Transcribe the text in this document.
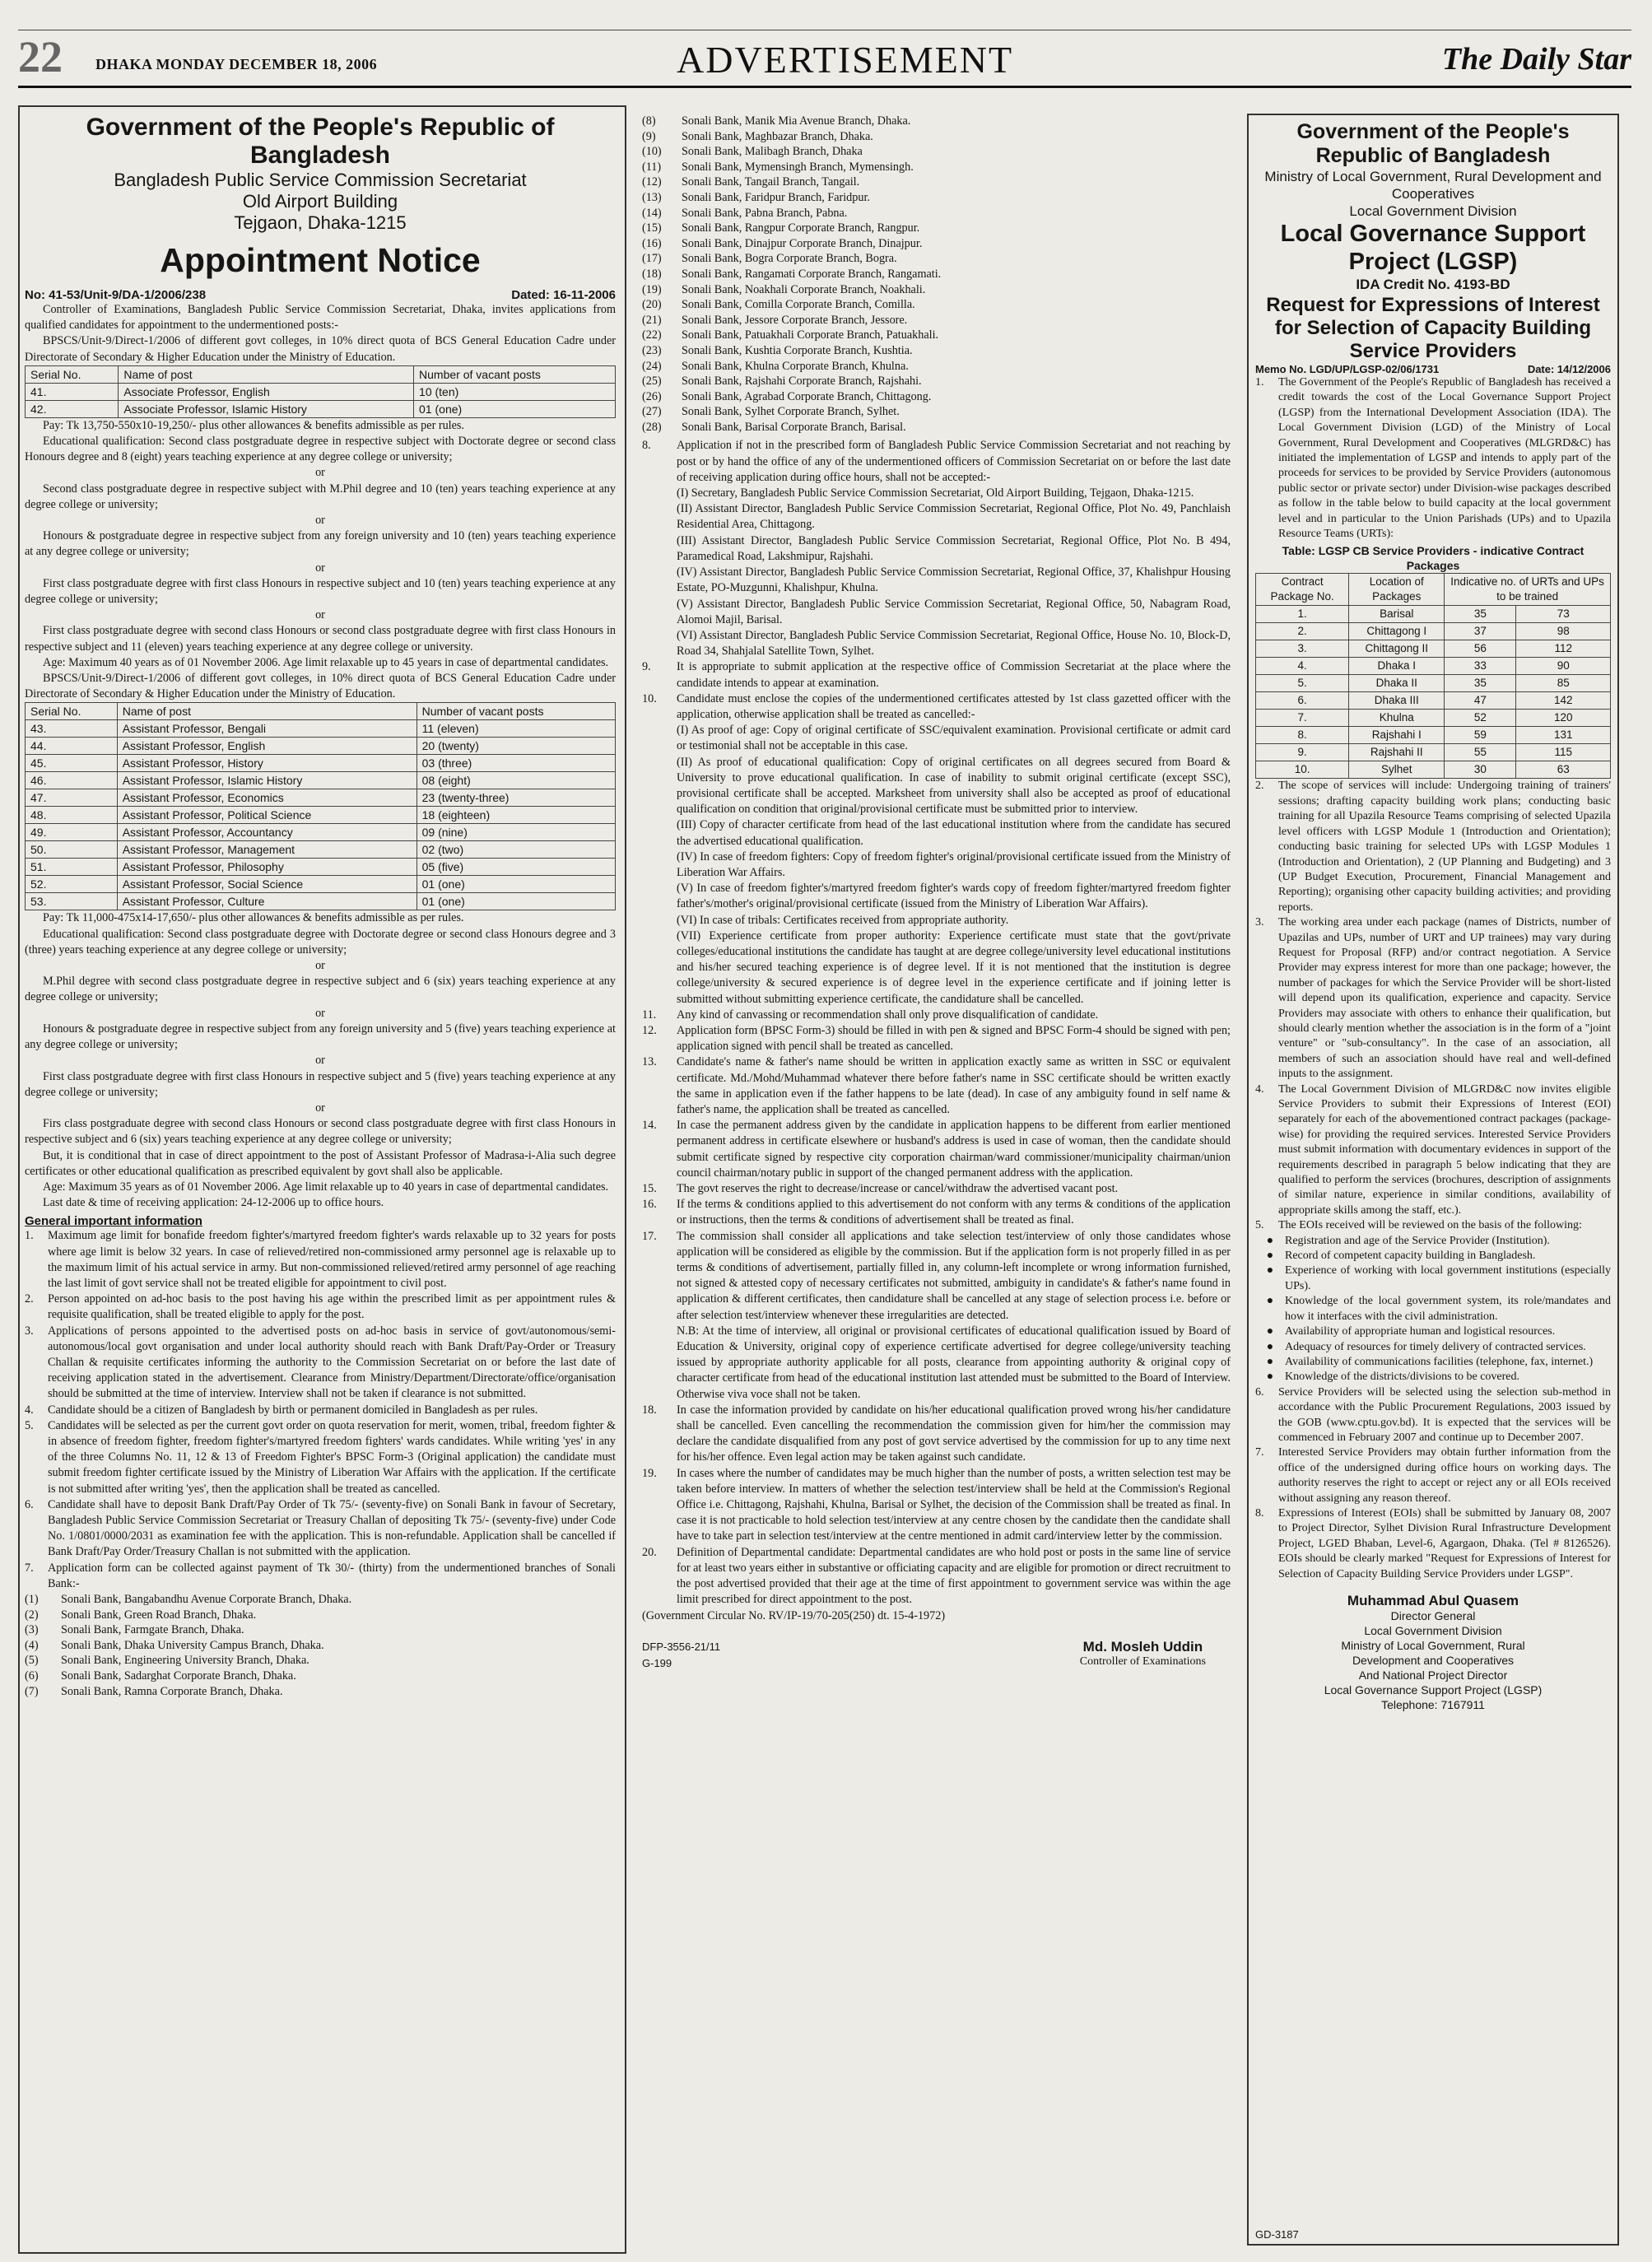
22 DHAKA MONDAY DECEMBER 18, 2006	ADVERTISEMENT	The Daily Star
Government of the People's Republic of Bangladesh
Bangladesh Public Service Commission Secretariat
Old Airport Building
Tejgaon, Dhaka-1215
Appointment Notice
No: 41-53/Unit-9/DA-1/2006/238	Dated: 16-11-2006

Controller of Examinations, Bangladesh Public Service Commission Secretariat, Dhaka, invites applications from qualified candidates for appointment to the undermentioned posts:-

BPSCS/Unit-9/Direct-1/2006 of different govt colleges, in 10% direct quota of BCS General Education Cadre under Directorate of Secondary & Higher Education under the Ministry of Education.

Serial No.	Name of post	Number of vacant posts
41.	Associate Professor, English	10 (ten)
42.	Associate Professor, Islamic History	01 (one)

Pay: Tk 13,750-550x10-19,250/- plus other allowances & benefits admissible as per rules.

Educational qualification: Second class postgraduate degree in respective subject with Doctorate degree or second class Honours degree and 8 (eight) years teaching experience at any degree college or university;

or

Second class postgraduate degree in respective subject with M.Phil degree and 10 (ten) years teaching experience at any degree college or university;

or

Honours & postgraduate degree in respective subject from any foreign university and 10 (ten) years teaching experience at any degree college or university;

or

First class postgraduate degree with first class Honours in respective subject and 10 (ten) years teaching experience at any degree college or university;

or

First class postgraduate degree with second class Honours or second class postgraduate degree with first class Honours in respective subject and 11 (eleven) years teaching experience at any degree college or university.

Age: Maximum 40 years as of 01 November 2006. Age limit relaxable up to 45 years in case of departmental candidates.

BPSCS/Unit-9/Direct-1/2006 of different govt colleges, in 10% direct quota of BCS General Education Cadre under Directorate of Secondary & Higher Education under the Ministry of Education.

Serial No.	Name of post	Number of vacant posts
43.	Assistant Professor, Bengali	11 (eleven)
44.	Assistant Professor, English	20 (twenty)
45.	Assistant Professor, History	03 (three)
46.	Assistant Professor, Islamic History	08 (eight)
47.	Assistant Professor, Economics	23 (twenty-three)
48.	Assistant Professor, Political Science	18 (eighteen)
49.	Assistant Professor, Accountancy	09 (nine)
50.	Assistant Professor, Management	02 (two)
51.	Assistant Professor, Philosophy	05 (five)
52.	Assistant Professor, Social Science	01 (one)
53.	Assistant Professor, Culture	01 (one)

Pay: Tk 11,000-475x14-17,650/- plus other allowances & benefits admissible as per rules.

Educational qualification: Second class postgraduate degree with Doctorate degree or second class Honours degree and 3 (three) years teaching experience at any degree college or university;

or

M.Phil degree with second class postgraduate degree in respective subject and 6 (six) years teaching experience at any degree college or university;

or

Honours & postgraduate degree in respective subject from any foreign university and 5 (five) years teaching experience at any degree college or university;

or

First class postgraduate degree with first class Honours in respective subject and 5 (five) years teaching experience at any degree college or university;

or

Firs class postgraduate degree with second class Honours or second class postgraduate degree with first class Honours in respective subject and 6 (six) years teaching experience at any degree college or university;

But, it is conditional that in case of direct appointment to the post of Assistant Professor of Madrasa-i-Alia such degree certificates or other educational qualification as prescribed equivalent by govt shall also be applicable.

Age: Maximum 35 years as of 01 November 2006. Age limit relaxable up to 40 years in case of departmental candidates.

Last date & time of receiving application: 24-12-2006 up to office hours.

General important information
1.	Maximum age limit for bonafide freedom fighter's/martyred freedom fighter's wards relaxable up to 32 years for posts where age limit is below 32 years. In case of relieved/retired non-commissioned army personnel age is relaxable up to the maximum limit of his actual service in army. But non-commissioned relieved/retired army personnel of age reaching the last limit of govt service shall not be treated eligible for appointment to civil post.
2.	Person appointed on ad-hoc basis to the post having his age within the prescribed limit as per appointment rules & requisite qualification, shall be treated eligible to apply for the post.
3.	Applications of persons appointed to the advertised posts on ad-hoc basis in service of govt/autonomous/semi-autonomous/local govt organisation and under local authority should reach with Bank Draft/Pay-Order or Treasury Challan & requisite certificates informing the authority to the Commission Secretariat on or before the last date of receiving application stated in the advertisement. Clearance from Ministry/Department/Directorate/office/organisation should be submitted at the time of interview. Interview shall not be taken if clearance is not submitted.
4.	Candidate should be a citizen of Bangladesh by birth or permanent domiciled in Bangladesh as per rules.
5.	Candidates will be selected as per the current govt order on quota reservation for merit, women, tribal, freedom fighter & in absence of freedom fighter, freedom fighter's/martyred freedom fighters' wards candidates. While writing 'yes' in any of the three Columns No. 11, 12 & 13 of Freedom Fighter's BPSC Form-3 (Original application) the candidate must submit freedom fighter certificate issued by the Ministry of Liberation War Affairs with the application. If the certificate is not submitted after writing 'yes', then the application shall be treated as cancelled.
6.	Candidate shall have to deposit Bank Draft/Pay Order of Tk 75/- (seventy-five) on Sonali Bank in favour of Secretary, Bangladesh Public Service Commission Secretariat or Treasury Challan of depositing Tk 75/- (seventy-five) under Code No. 1/0801/0000/2031 as examination fee with the application. This is non-refundable. Application shall be cancelled if Bank Draft/Pay Order/Treasury Challan is not submitted with the application.
7.	Application form can be collected against payment of Tk 30/- (thirty) from the undermentioned branches of Sonali Bank:-
(1)	Sonali Bank, Bangabandhu Avenue Corporate Branch, Dhaka.
(2)	Sonali Bank, Green Road Branch, Dhaka.
(3)	Sonali Bank, Farmgate Branch, Dhaka.
(4)	Sonali Bank, Dhaka University Campus Branch, Dhaka.
(5)	Sonali Bank, Engineering University Branch, Dhaka.
(6)	Sonali Bank, Sadarghat Corporate Branch, Dhaka.
(7)	Sonali Bank, Ramna Corporate Branch, Dhaka.
(8)	Sonali Bank, Manik Mia Avenue Branch, Dhaka.
(9)	Sonali Bank, Maghbazar Branch, Dhaka.
(10)	Sonali Bank, Malibagh Branch, Dhaka
(11)	Sonali Bank, Mymensingh Branch, Mymensingh.
(12)	Sonali Bank, Tangail Branch, Tangail.
(13)	Sonali Bank, Faridpur Branch, Faridpur.
(14)	Sonali Bank, Pabna Branch, Pabna.
(15)	Sonali Bank, Rangpur Corporate Branch, Rangpur.
(16)	Sonali Bank, Dinajpur Corporate Branch, Dinajpur.
(17)	Sonali Bank, Bogra Corporate Branch, Bogra.
(18)	Sonali Bank, Rangamati Corporate Branch, Rangamati.
(19)	Sonali Bank, Noakhali Corporate Branch, Noakhali.
(20)	Sonali Bank, Comilla Corporate Branch, Comilla.
(21)	Sonali Bank, Jessore Corporate Branch, Jessore.
(22)	Sonali Bank, Patuakhali Corporate Branch, Patuakhali.
(23)	Sonali Bank, Kushtia Corporate Branch, Kushtia.
(24)	Sonali Bank, Khulna Corporate Branch, Khulna.
(25)	Sonali Bank, Rajshahi Corporate Branch, Rajshahi.
(26)	Sonali Bank, Agrabad Corporate Branch, Chittagong.
(27)	Sonali Bank, Sylhet Corporate Branch, Sylhet.
(28)	Sonali Bank, Barisal Corporate Branch, Barisal.
8.	Application if not in the prescribed form of Bangladesh Public Service Commission Secretariat and not reaching by post or by hand the office of any of the undermentioned officers of Commission Secretariat on or before the last date of receiving application during office hours, shall not be accepted:-
(I) Secretary, Bangladesh Public Service Commission Secretariat, Old Airport Building, Tejgaon, Dhaka-1215.
(II) Assistant Director, Bangladesh Public Service Commission Secretariat, Regional Office, Plot No. 49, Panchlaish Residential Area, Chittagong.
(III) Assistant Director, Bangladesh Public Service Commission Secretariat, Regional Office, Plot No. B 494, Paramedical Road, Lakshmipur, Rajshahi.
(IV) Assistant Director, Bangladesh Public Service Commission Secretariat, Regional Office, 37, Khalishpur Housing Estate, PO-Muzgunni, Khalishpur, Khulna.
(V) Assistant Director, Bangladesh Public Service Commission Secretariat, Regional Office, 50, Nabagram Road, Alomoi Majil, Barisal.
(VI) Assistant Director, Bangladesh Public Service Commission Secretariat, Regional Office, House No. 10, Block-D, Road 34, Shahjalal Satellite Town, Sylhet.
9.	It is appropriate to submit application at the respective office of Commission Secretariat at the place where the candidate intends to appear at examination.
10.	Candidate must enclose the copies of the undermentioned certificates attested by 1st class gazetted officer with the application, otherwise application shall be treated as cancelled:-
(I) As proof of age: Copy of original certificate of SSC/equivalent examination. Provisional certificate or admit card or testimonial shall not be acceptable in this case.
(II) As proof of educational qualification: Copy of original certificates on all degrees secured from Board & University to prove educational qualification. In case of inability to submit original certificate (except SSC), provisional certificate shall be accepted. Marksheet from university shall also be accepted as proof of educational qualification on condition that original/provisional certificate must be submitted prior to interview.
(III) Copy of character certificate from head of the last educational institution where from the candidate has secured the advertised educational qualification.
(IV) In case of freedom fighters: Copy of freedom fighter's original/provisional certificate issued from the Ministry of Liberation War Affairs.
(V) In case of freedom fighter's/martyred freedom fighter's wards copy of freedom fighter/martyred freedom fighter father's/mother's original/provisional certificate (issued from the Ministry of Liberation War Affairs).
(VI) In case of tribals: Certificates received from appropriate authority.
(VII) Experience certificate from proper authority: Experience certificate must state that the govt/private colleges/educational institutions the candidate has taught at are degree college/university level educational institutions and his/her secured teaching experience is of degree level. If it is not mentioned that the institution is degree college/university & secured experience is of degree level in the experience certificate and if joining letter is submitted without submitting experience certificate, the candidature shall be cancelled.
11.	Any kind of canvassing or recommendation shall only prove disqualification of candidate.
12.	Application form (BPSC Form-3) should be filled in with pen & signed and BPSC Form-4 should be signed with pen; application signed with pencil shall be treated as cancelled.
13.	Candidate's name & father's name should be written in application exactly same as written in SSC or equivalent certificate. Md./Mohd/Muhammad whatever there before father's name in SSC certificate should be written exactly the same in application even if the father happens to be late (dead). In case of any ambiguity found in self name & father's name, the application shall be treated as cancelled.
14.	In case the permanent address given by the candidate in application happens to be different from earlier mentioned permanent address in certificate elsewhere or husband's address is used in case of woman, then the candidate should submit certificate signed by respective city corporation chairman/ward commissioner/municipality chairman/union council chairman/notary public in support of the changed permanent address with the application.
15.	The govt reserves the right to decrease/increase or cancel/withdraw the advertised vacant post.
16.	If the terms & conditions applied to this advertisement do not conform with any terms & conditions of the application or instructions, then the terms & conditions of advertisement shall be treated as final.
17.	The commission shall consider all applications and take selection test/interview of only those candidates whose application will be considered as eligible by the commission. But if the application form is not properly filled in as per terms & conditions of advertisement, partially filled in, any column-left incomplete or wrong information furnished, not signed & attested copy of necessary certificates not submitted, ambiguity in candidate's & father's name found in application & different certificates, then candidature shall be cancelled at any stage of selection process i.e. before or after selection test/interview whenever these irregularities are detected.
N.B: At the time of interview, all original or provisional certificates of educational qualification issued by Board of Education & University, original copy of experience certificate advertised for degree college/university teaching issued by appropriate authority applicable for all posts, clearance from appointing authority & original copy of character certificate from head of the educational institution last attended must be submitted to the Board of Interview. Otherwise viva voce shall not be taken.
18.	In case the information provided by candidate on his/her educational qualification proved wrong his/her candidature shall be cancelled. Even cancelling the recommendation the commission given for him/her the commission may declare the candidate disqualified from any post of govt service advertised by the commission for up to any time next for his/her offence. Even legal action may be taken against such candidate.
19.	In cases where the number of candidates may be much higher than the number of posts, a written selection test may be taken before interview. In matters of whether the selection test/interview shall be held at the Commission's Regional Office i.e. Chittagong, Rajshahi, Khulna, Barisal or Sylhet, the decision of the Commission shall be treated as final. In case it is not practicable to hold selection test/interview at any centre chosen by the candidate then the candidate shall have to take part in selection test/interview at the centre mentioned in admit card/interview letter by the commission.
20.	Definition of Departmental candidate: Departmental candidates are who hold post or posts in the same line of service for at least two years either in substantive or officiating capacity and are eligible for promotion or direct recruitment to the post advertised provided that their age at the time of first appointment to government service was within the age limit prescribed for direct appointment to the post.

(Government Circular No. RV/IP-19/70-205(250) dt. 15-4-1972)

DFP-3556-21/11
G-199
Md. Mosleh Uddin
Controller of Examinations
Government of the People's Republic of Bangladesh
Ministry of Local Government, Rural Development and Cooperatives
Local Government Division
Local Governance Support Project (LGSP)
IDA Credit No. 4193-BD
Request for Expressions of Interest for Selection of Capacity Building Service Providers
Memo No. LGD/UP/LGSP-02/06/1731	Date: 14/12/2006
1.	The Government of the People's Republic of Bangladesh has received a credit towards the cost of the Local Governance Support Project (LGSP) from the International Development Association (IDA). The Local Government Division (LGD) of the Ministry of Local Government, Rural Development and Cooperatives (MLGRD&C) has initiated the implementation of LGSP and intends to apply part of the proceeds for services to be provided by Service Providers (autonomous public sector or private sector) under Division-wise packages described as follow in the table below to build capacity at the local government level and in particular to the Union Parishads (UPs) and to Upazila Resource Teams (URTs):
Table: LGSP CB Service Providers - indicative Contract Packages
Contract Package No.	Location of Packages	Indicative no. of URTs and UPs to be trained	
1.	Barisal	35	73
2.	Chittagong I	37	98
3.	Chittagong II	56	112
4.	Dhaka I	33	90
5.	Dhaka II	35	85
6.	Dhaka III	47	142
7.	Khulna	52	120
8.	Rajshahi I	59	131
9.	Rajshahi II	55	115
10.	Sylhet	30	63
2.	The scope of services will include: Undergoing training of trainers' sessions; drafting capacity building work plans; conducting basic training for all Upazila Resource Teams comprising of selected Upazila level officers with LGSP Module 1 (Introduction and Orientation); conducting basic training for selected UPs with LGSP Modules 1 (Introduction and Orientation), 2 (UP Planning and Budgeting) and 3 (UP Budget Execution, Procurement, Financial Management and Reporting); organising other capacity building activities; and providing reports.
3.	The working area under each package (names of Districts, number of Upazilas and UPs, number of URT and UP trainees) may vary during Request for Proposal (RFP) and/or contract negotiation. A Service Provider may express interest for more than one package; however, the number of packages for which the Service Provider will be short-listed will depend upon its qualification, experience and capacity. Service Providers may associate with others to enhance their qualification, but should clearly mention whether the association is in the form of a "joint venture" or "sub-consultancy". In the case of an association, all members of such an association should have real and well-defined inputs to the assignment.
4.	The Local Government Division of MLGRD&C now invites eligible Service Providers to submit their Expressions of Interest (EOI) separately for each of the abovementioned contract packages (package-wise) for providing the required services. Interested Service Providers must submit information with documentary evidences in support of the requirements described in paragraph 5 below indicating that they are qualified to perform the services (brochures, description of assignments of similar nature, experience in similar conditions, availability of appropriate skills among the staff, etc.).
5.	The EOIs received will be reviewed on the basis of the following:
● Registration and age of the Service Provider (Institution).
● Record of competent capacity building in Bangladesh.
● Experience of working with local government institutions (especially UPs).
● Knowledge of the local government system, its role/mandates and how it interfaces with the civil administration.
● Availability of appropriate human and logistical resources.
● Adequacy of resources for timely delivery of contracted services.
● Availability of communications facilities (telephone, fax, internet.)
● Knowledge of the districts/divisions to be covered.
6.	Service Providers will be selected using the selection sub-method in accordance with the Public Procurement Regulations, 2003 issued by the GOB (www.cptu.gov.bd). It is expected that the services will be commenced in February 2007 and continue up to December 2007.
7.	Interested Service Providers may obtain further information from the office of the undersigned during office hours on working days. The authority reserves the right to accept or reject any or all EOIs received without assigning any reason thereof.
8.	Expressions of Interest (EOIs) shall be submitted by January 08, 2007 to Project Director, Sylhet Division Rural Infrastructure Development Project, LGED Bhaban, Level-6, Agargaon, Dhaka. (Tel # 8126526). EOIs should be clearly marked "Request for Expressions of Interest for Selection of Capacity Building Service Providers under LGSP".
Muhammad Abul Quasem
Director General
Local Government Division
Ministry of Local Government, Rural
Development and Cooperatives
And National Project Director
Local Governance Support Project (LGSP)
Telephone: 7167911
GD-3187
